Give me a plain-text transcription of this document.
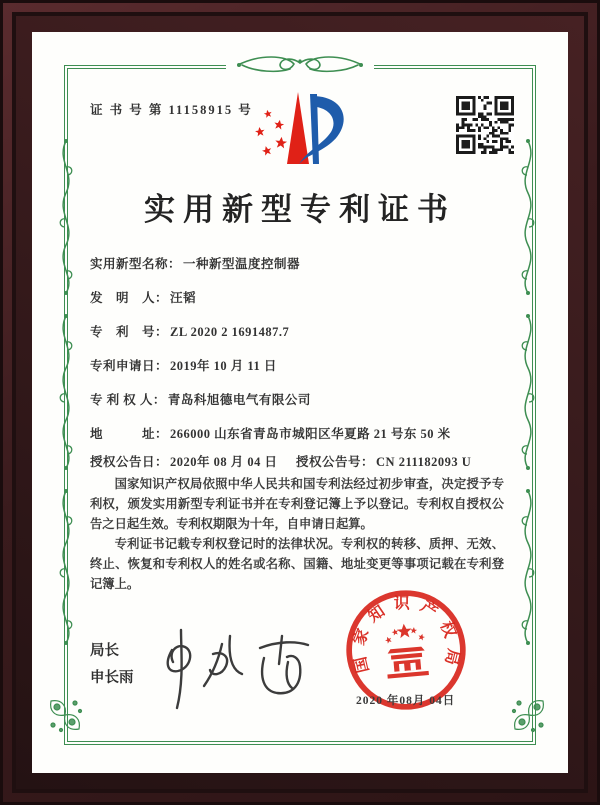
证 书 号 第 11158915 号
实用新型专利证书
实用新型名称： 一种新型温度控制器
发　明　人： 汪韬
专　利　号： ZL 2020 2 1691487.7
专利申请日： 2019年 10 月 11 日
专 利 权 人： 青岛科旭德电气有限公司
地　　　址： 266000 山东省青岛市城阳区华夏路 21 号东 50 米
授权公告日： 2020年 08 月 04 日 授权公告号： CN 211182093 U

国家知识产权局依照中华人民共和国专利法经过初步审查，决定授予专利权，颁发实用新型专利证书并在专利登记簿上予以登记。专利权自授权公告之日起生效。专利权期限为十年，自申请日起算。

专利证书记载专利权登记时的法律状况。专利权的转移、质押、无效、终止、恢复和专利权人的姓名或名称、国籍、地址变更等事项记载在专利登记簿上。

局长
申长雨
国家知识产权局
2020 年08月 04日
